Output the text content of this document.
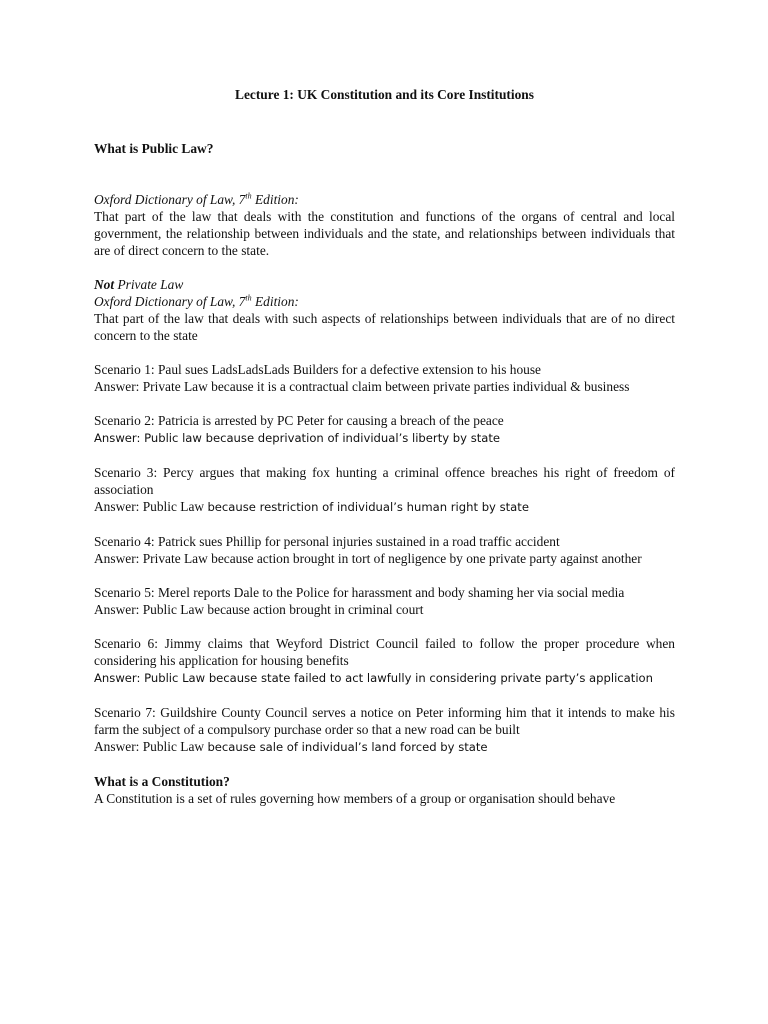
Lecture 1: UK Constitution and its Core Institutions

What is Public Law?

Oxford Dictionary of Law, 7th Edition:

That part of the law that deals with the constitution and functions of the organs of central and local government, the relationship between individuals and the state, and relationships between individuals that are of direct concern to the state.

Not Private Law

Oxford Dictionary of Law, 7th Edition:

That part of the law that deals with such aspects of relationships between individuals that are of no direct concern to the state

Scenario 1: Paul sues LadsLadsLads Builders for a defective extension to his house

Answer: Private Law because it is a contractual claim between private parties individual & business

Scenario 2: Patricia is arrested by PC Peter for causing a breach of the peace

Answer: Public law because deprivation of individual’s liberty by state

Scenario 3: Percy argues that making fox hunting a criminal offence breaches his right of freedom of association

Answer: Public Law because restriction of individual’s human right by state

Scenario 4: Patrick sues Phillip for personal injuries sustained in a road traffic accident

Answer: Private Law because action brought in tort of negligence by one private party against another

Scenario 5: Merel reports Dale to the Police for harassment and body shaming her via social media

Answer: Public Law because action brought in criminal court

Scenario 6: Jimmy claims that Weyford District Council failed to follow the proper procedure when considering his application for housing benefits

Answer: Public Law because state failed to act lawfully in considering private party’s application

Scenario 7: Guildshire County Council serves a notice on Peter informing him that it intends to make his farm the subject of a compulsory purchase order so that a new road can be built

Answer: Public Law because sale of individual’s land forced by state

What is a Constitution?

A Constitution is a set of rules governing how members of a group or organisation should behave
